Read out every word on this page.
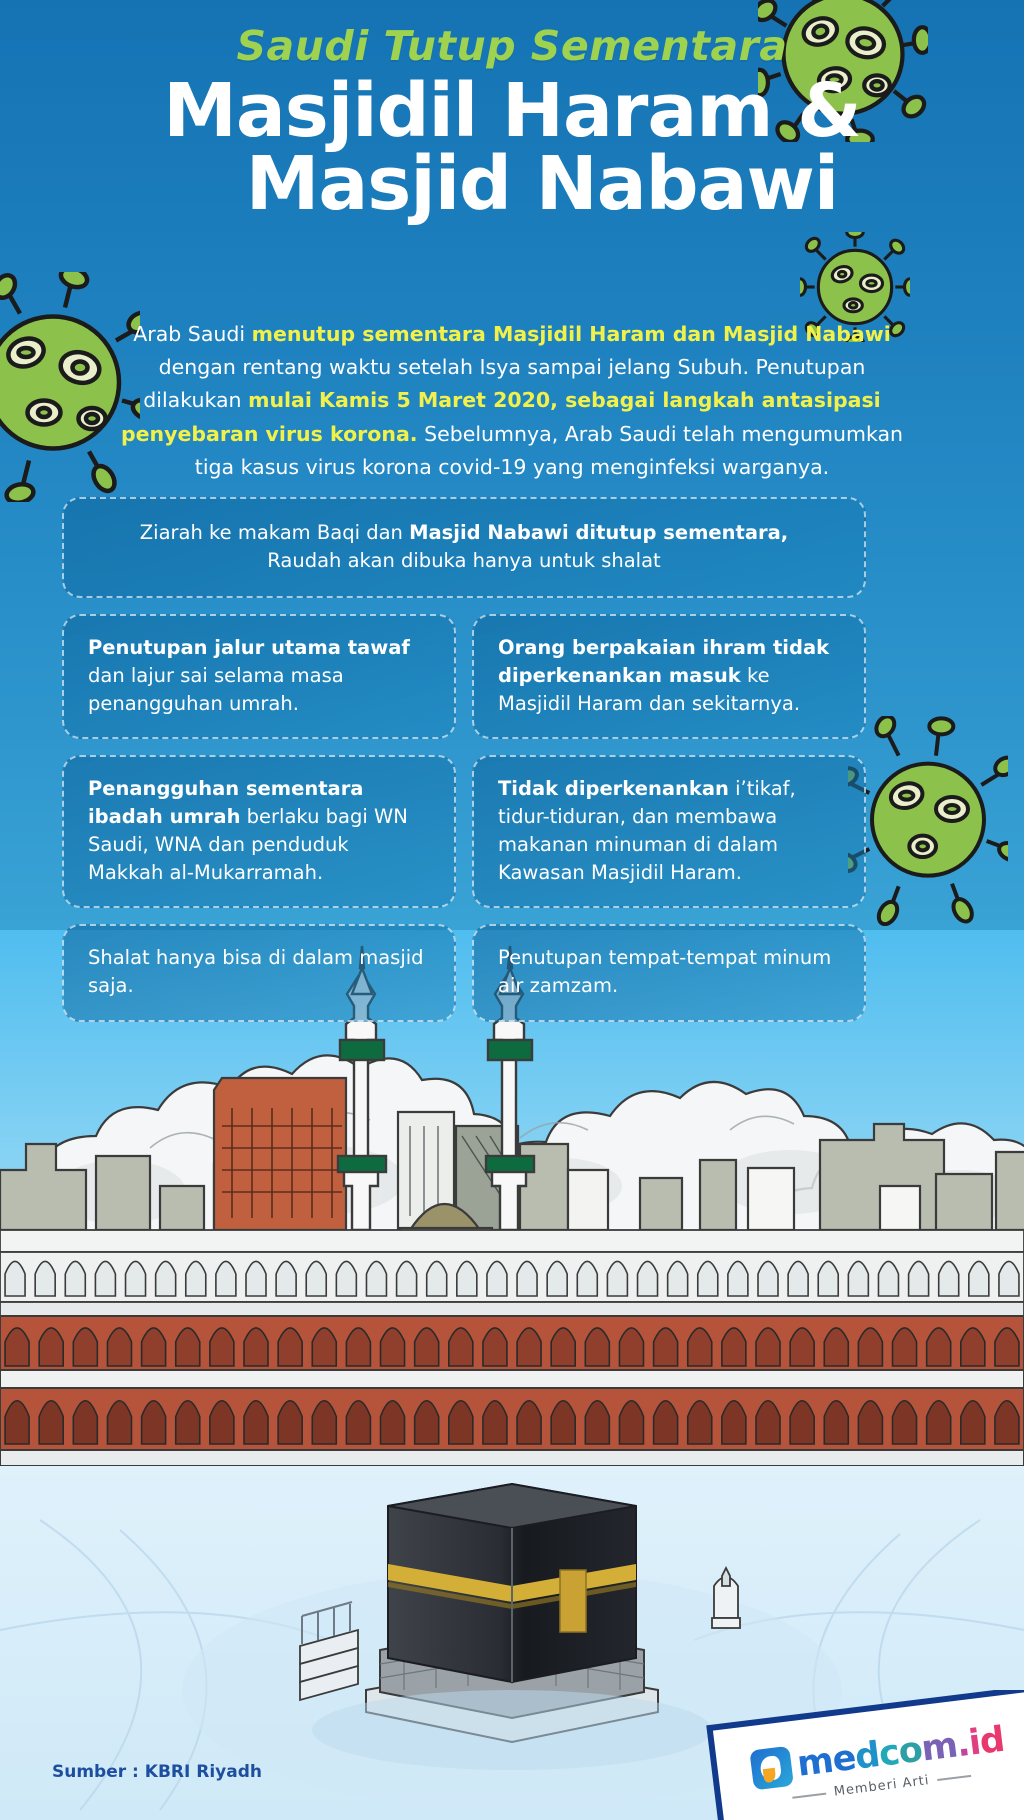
Saudi Tutup Sementara
Masjidil Haram &
Masjid Nabawi

Arab Saudi menutup sementara Masjidil Haram dan Masjid Nabawi dengan rentang waktu setelah Isya sampai jelang Subuh. Penutupan dilakukan mulai Kamis 5 Maret 2020, sebagai langkah antasipasi penyebaran virus korona. Sebelumnya, Arab Saudi telah mengumumkan tiga kasus virus korona covid-19 yang menginfeksi warganya.

Ziarah ke makam Baqi dan Masjid Nabawi ditutup sementara,
Raudah akan dibuka hanya untuk shalat
Penutupan jalur utama tawaf dan lajur sai selama masa penangguhan umrah.
Orang berpakaian ihram tidak diperkenankan masuk ke Masjidil Haram dan sekitarnya.
Penangguhan sementara ibadah umrah berlaku bagi WN Saudi, WNA dan penduduk Makkah al-Mukarramah.
Tidak diperkenankan i’tikaf, tidur-tiduran, dan membawa makanan minuman di dalam Kawasan Masjidil Haram.
Shalat hanya bisa di dalam masjid saja.
Penutupan tempat-tempat minum air zamzam.
Sumber : KBRI Riyadh	m
e
d
c
o
m
.
i
d
Memberi Arti
